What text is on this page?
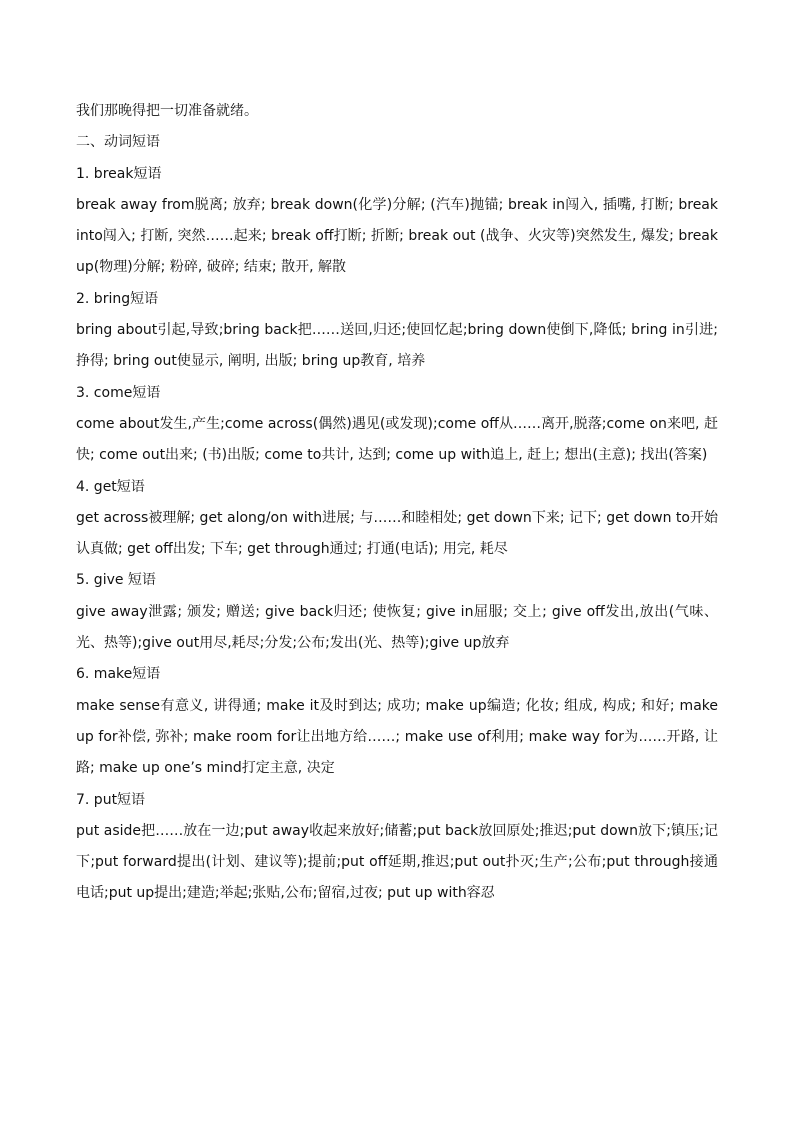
我们那晚得把一切准备就绪。

二、动词短语

1. break短语

break away from脱离; 放弃; break down(化学)分解; (汽车)抛锚; break in闯入, 插嘴, 打断; break into闯入; 打断, 突然……起来; break off打断; 折断; break out (战争、火灾等)突然发生, 爆发; break up(物理)分解; 粉碎, 破碎; 结束; 散开, 解散

2. bring短语

bring about引起,导致;bring back把……送回,归还;使回忆起;bring down使倒下,降低; bring in引进; 挣得; bring out使显示, 阐明, 出版; bring up教育, 培养

3. come短语

come about发生,产生;come across(偶然)遇见(或发现);come off从……离开,脱落;come on来吧, 赶快; come out出来; (书)出版; come to共计, 达到; come up with追上, 赶上; 想出(主意); 找出(答案)

4. get短语

get across被理解; get along/on with进展; 与……和睦相处; get down下来; 记下; get down to开始认真做; get off出发; 下车; get through通过; 打通(电话); 用完, 耗尽

5. give 短语

give away泄露; 颁发; 赠送; give back归还; 使恢复; give in屈服; 交上; give off发出,放出(气味、光、热等);give out用尽,耗尽;分发;公布;发出(光、热等);give up放弃

6. make短语

make sense有意义, 讲得通; make it及时到达; 成功; make up编造; 化妆; 组成, 构成; 和好; make up for补偿, 弥补; make room for让出地方给……; make use of利用; make way for为……开路, 让路; make up one’s mind打定主意, 决定

7. put短语

put aside把……放在一边;put away收起来放好;储蓄;put back放回原处;推迟;put down放下;镇压;记下;put forward提出(计划、建议等);提前;put off延期,推迟;put out扑灭;生产;公布;put through接通电话;put up提出;建造;举起;张贴,公布;留宿,过夜; put up with容忍
